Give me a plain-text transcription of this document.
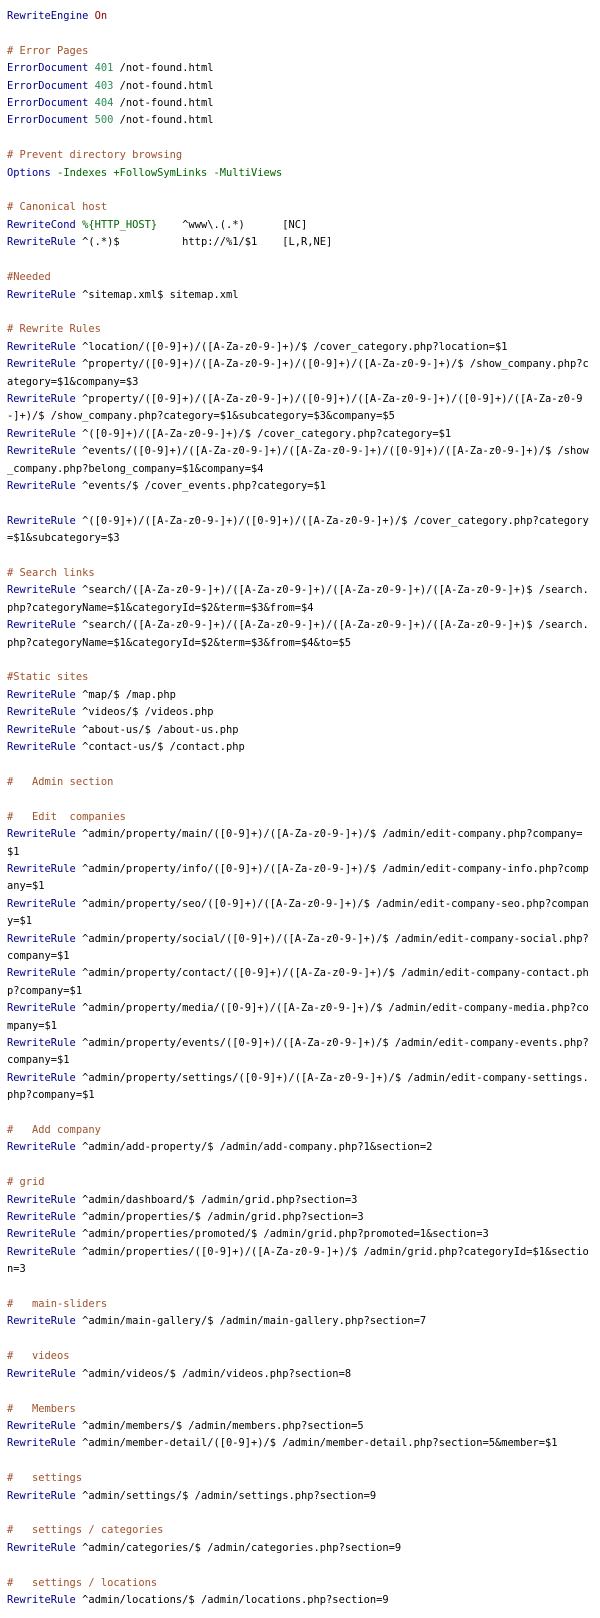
RewriteEngine On
# Error Pages
ErrorDocument 401 /not-found.html
ErrorDocument 403 /not-found.html
ErrorDocument 404 /not-found.html
ErrorDocument 500 /not-found.html
# Prevent directory browsing
Options -Indexes +FollowSymLinks -MultiViews
# Canonical host
RewriteCond %{HTTP_HOST}    ^www\.(.*)      [NC]
RewriteRule ^(.*)$          http://%1/$1    [L,R,NE]
#Needed
RewriteRule ^sitemap.xml$ sitemap.xml
# Rewrite Rules
RewriteRule ^location/([0-9]+)/([A-Za-z0-9-]+)/$ /cover_category.php?location=$1
RewriteRule ^property/([0-9]+)/([A-Za-z0-9-]+)/([0-9]+)/([A-Za-z0-9-]+)/$ /show_company.php?category=$1&company=$3
RewriteRule ^property/([0-9]+)/([A-Za-z0-9-]+)/([0-9]+)/([A-Za-z0-9-]+)/([0-9]+)/([A-Za-z0-9-]+)/$ /show_company.php?category=$1&subcategory=$3&company=$5
RewriteRule ^([0-9]+)/([A-Za-z0-9-]+)/$ /cover_category.php?category=$1
RewriteRule ^events/([0-9]+)/([A-Za-z0-9-]+)/([A-Za-z0-9-]+)/([0-9]+)/([A-Za-z0-9-]+)/$ /show_company.php?belong_company=$1&company=$4
RewriteRule ^events/$ /cover_events.php?category=$1
RewriteRule ^([0-9]+)/([A-Za-z0-9-]+)/([0-9]+)/([A-Za-z0-9-]+)/$ /cover_category.php?category=$1&subcategory=$3
# Search links
RewriteRule ^search/([A-Za-z0-9-]+)/([A-Za-z0-9-]+)/([A-Za-z0-9-]+)/([A-Za-z0-9-]+)$ /search.php?categoryName=$1&categoryId=$2&term=$3&from=$4
RewriteRule ^search/([A-Za-z0-9-]+)/([A-Za-z0-9-]+)/([A-Za-z0-9-]+)/([A-Za-z0-9-]+)$ /search.php?categoryName=$1&categoryId=$2&term=$3&from=$4&to=$5
#Static sites
RewriteRule ^map/$ /map.php
RewriteRule ^videos/$ /videos.php
RewriteRule ^about-us/$ /about-us.php
RewriteRule ^contact-us/$ /contact.php
#   Admin section
#   Edit  companies
RewriteRule ^admin/property/main/([0-9]+)/([A-Za-z0-9-]+)/$ /admin/edit-company.php?company=$1
RewriteRule ^admin/property/info/([0-9]+)/([A-Za-z0-9-]+)/$ /admin/edit-company-info.php?company=$1
RewriteRule ^admin/property/seo/([0-9]+)/([A-Za-z0-9-]+)/$ /admin/edit-company-seo.php?company=$1
RewriteRule ^admin/property/social/([0-9]+)/([A-Za-z0-9-]+)/$ /admin/edit-company-social.php?company=$1
RewriteRule ^admin/property/contact/([0-9]+)/([A-Za-z0-9-]+)/$ /admin/edit-company-contact.php?company=$1
RewriteRule ^admin/property/media/([0-9]+)/([A-Za-z0-9-]+)/$ /admin/edit-company-media.php?company=$1
RewriteRule ^admin/property/events/([0-9]+)/([A-Za-z0-9-]+)/$ /admin/edit-company-events.php?company=$1
RewriteRule ^admin/property/settings/([0-9]+)/([A-Za-z0-9-]+)/$ /admin/edit-company-settings.php?company=$1
#   Add company
RewriteRule ^admin/add-property/$ /admin/add-company.php?1&section=2
# grid
RewriteRule ^admin/dashboard/$ /admin/grid.php?section=3
RewriteRule ^admin/properties/$ /admin/grid.php?section=3
RewriteRule ^admin/properties/promoted/$ /admin/grid.php?promoted=1&section=3
RewriteRule ^admin/properties/([0-9]+)/([A-Za-z0-9-]+)/$ /admin/grid.php?categoryId=$1&section=3
#   main-sliders
RewriteRule ^admin/main-gallery/$ /admin/main-gallery.php?section=7
#   videos
RewriteRule ^admin/videos/$ /admin/videos.php?section=8
#   Members
RewriteRule ^admin/members/$ /admin/members.php?section=5
RewriteRule ^admin/member-detail/([0-9]+)/$ /admin/member-detail.php?section=5&member=$1
#   settings
RewriteRule ^admin/settings/$ /admin/settings.php?section=9
#   settings / categories
RewriteRule ^admin/categories/$ /admin/categories.php?section=9
#   settings / locations
RewriteRule ^admin/locations/$ /admin/locations.php?section=9
